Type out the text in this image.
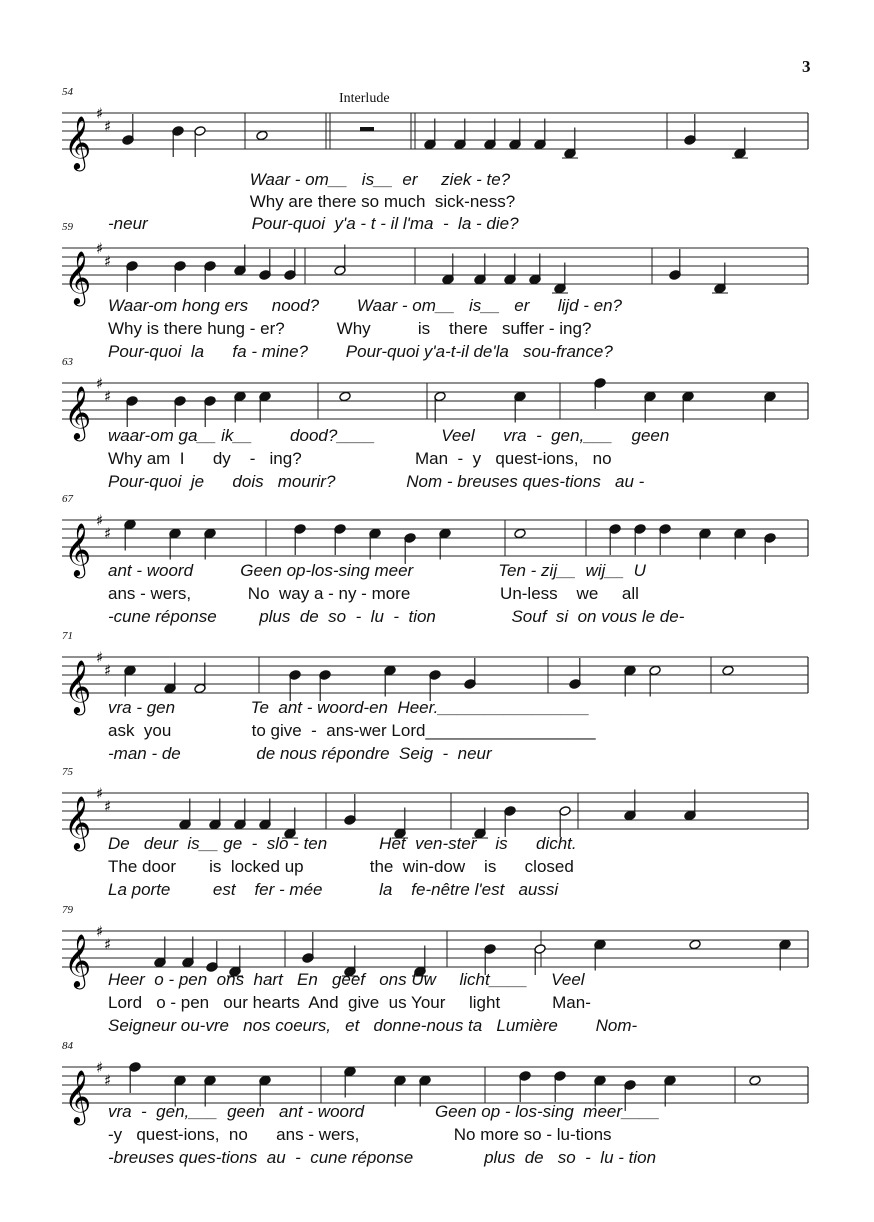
3
Interlude
𝄞
♯
♯
54
Waar - om__   is__  er     ziek - te?
Why are there so much  sick-ness?
-neur                      Pour-quoi  y'a - t - il l'ma  -  la - die?
𝄞
♯
♯
59
Waar-om hong ers     nood?        Waar - om__   is__   er      lijd - en?
Why is there hung - er?           Why          is    there   suffer - ing?
Pour-quoi  la      fa - mine?        Pour-quoi y'a-t-il de'la   sou-france?
𝄞
♯
♯
63
waar-om ga__ ik__        dood?____              Veel      vra  -  gen,___    geen
Why am  I      dy    -   ing?                        Man  -  y   quest-ions,   no
Pour-quoi  je      dois   mourir?               Nom - breuses ques-tions   au -
𝄞
♯
♯
67
ant - woord          Geen op-los-sing meer                  Ten - zij__  wij__  U
ans - wers,            No  way a - ny - more                   Un-less    we     all
-cune réponse         plus  de  so  -  lu  -  tion                Souf  si  on vous le de-
𝄞
♯
♯
71
vra - gen                Te  ant - woord-en  Heer.________________
ask  you                 to give  -  ans-wer Lord__________________
-man - de                de nous répondre  Seig  -  neur
𝄞
♯
♯
75
De   deur  is__ ge  -  slo - ten           Het  ven-ster    is      dicht.
The door       is  locked up              the  win-dow    is      closed
La porte         est    fer - mée            la    fe-nêtre l'est   aussi
𝄞
♯
♯
79
Heer  o - pen  ons  hart   En   geef   ons Uw     licht____     Veel
Lord   o - pen   our hearts  And  give  us Your     light           Man-
Seigneur ou-vre   nos coeurs,   et   donne-nous ta   Lumière        Nom-
𝄞
♯
♯
84
vra  -  gen,___  geen   ant - woord               Geen op - los-sing  meer____
-y   quest-ions,  no      ans - wers,                    No more so - lu-tions
-breuses ques-tions  au  -  cune réponse               plus  de   so  -  lu - tion
